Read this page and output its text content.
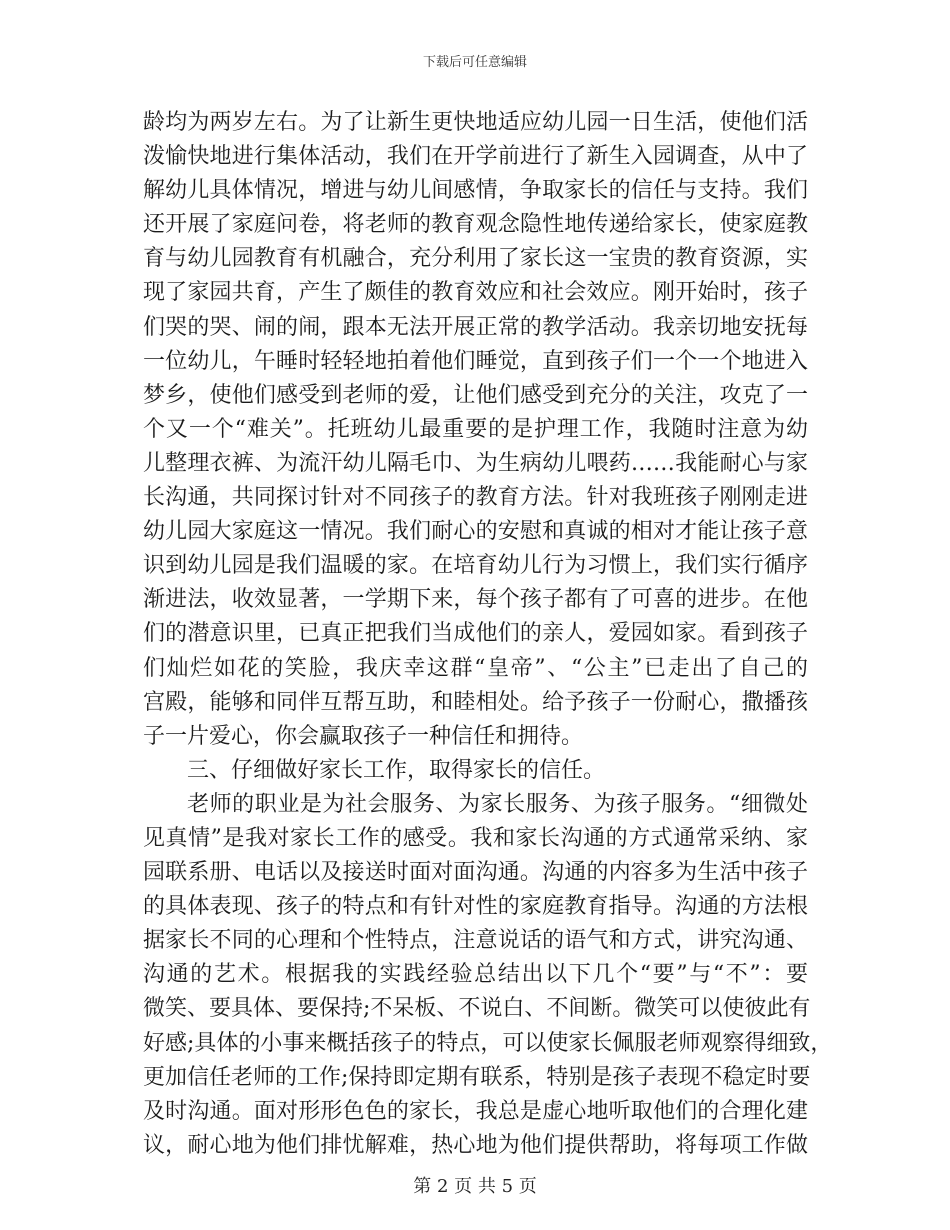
下载后可任意编辑

龄均为两岁左右。为了让新生更快地适应幼儿园一日生活，使他们活

泼愉快地进行集体活动，我们在开学前进行了新生入园调查，从中了

解幼儿具体情况，增进与幼儿间感情，争取家长的信任与支持。我们

还开展了家庭问卷，将老师的教育观念隐性地传递给家长，使家庭教

育与幼儿园教育有机融合，充分利用了家长这一宝贵的教育资源，实

现了家园共育，产生了颇佳的教育效应和社会效应。刚开始时，孩子

们哭的哭、闹的闹，跟本无法开展正常的教学活动。我亲切地安抚每

一位幼儿，午睡时轻轻地拍着他们睡觉，直到孩子们一个一个地进入

梦乡，使他们感受到老师的爱，让他们感受到充分的关注，攻克了一

个又一个“难关”。托班幼儿最重要的是护理工作，我随时注意为幼

儿整理衣裤、为流汗幼儿隔毛巾、为生病幼儿喂药……我能耐心与家

长沟通，共同探讨针对不同孩子的教育方法。针对我班孩子刚刚走进

幼儿园大家庭这一情况。我们耐心的安慰和真诚的相对才能让孩子意

识到幼儿园是我们温暖的家。在培育幼儿行为习惯上，我们实行循序

渐进法，收效显著，一学期下来，每个孩子都有了可喜的进步。在他

们的潜意识里，已真正把我们当成他们的亲人，爱园如家。看到孩子

们灿烂如花的笑脸，我庆幸这群“皇帝”、“公主”已走出了自己的

宫殿，能够和同伴互帮互助，和睦相处。给予孩子一份耐心，撒播孩

子一片爱心，你会赢取孩子一种信任和拥待。

三、仔细做好家长工作，取得家长的信任。

老师的职业是为社会服务、为家长服务、为孩子服务。“细微处

见真情”是我对家长工作的感受。我和家长沟通的方式通常采纳、家

园联系册、电话以及接送时面对面沟通。沟通的内容多为生活中孩子

的具体表现、孩子的特点和有针对性的家庭教育指导。沟通的方法根

据家长不同的心理和个性特点，注意说话的语气和方式，讲究沟通、

沟通的艺术。根据我的实践经验总结出以下几个“要”与“不”：要

微笑、要具体、要保持;不呆板、不说白、不间断。微笑可以使彼此有

好感;具体的小事来概括孩子的特点，可以使家长佩服老师观察得细致，

更加信任老师的工作;保持即定期有联系，特别是孩子表现不稳定时要

及时沟通。面对形形色色的家长，我总是虚心地听取他们的合理化建

议，耐心地为他们排忧解难，热心地为他们提供帮助，将每项工作做

第 2 页 共 5 页
